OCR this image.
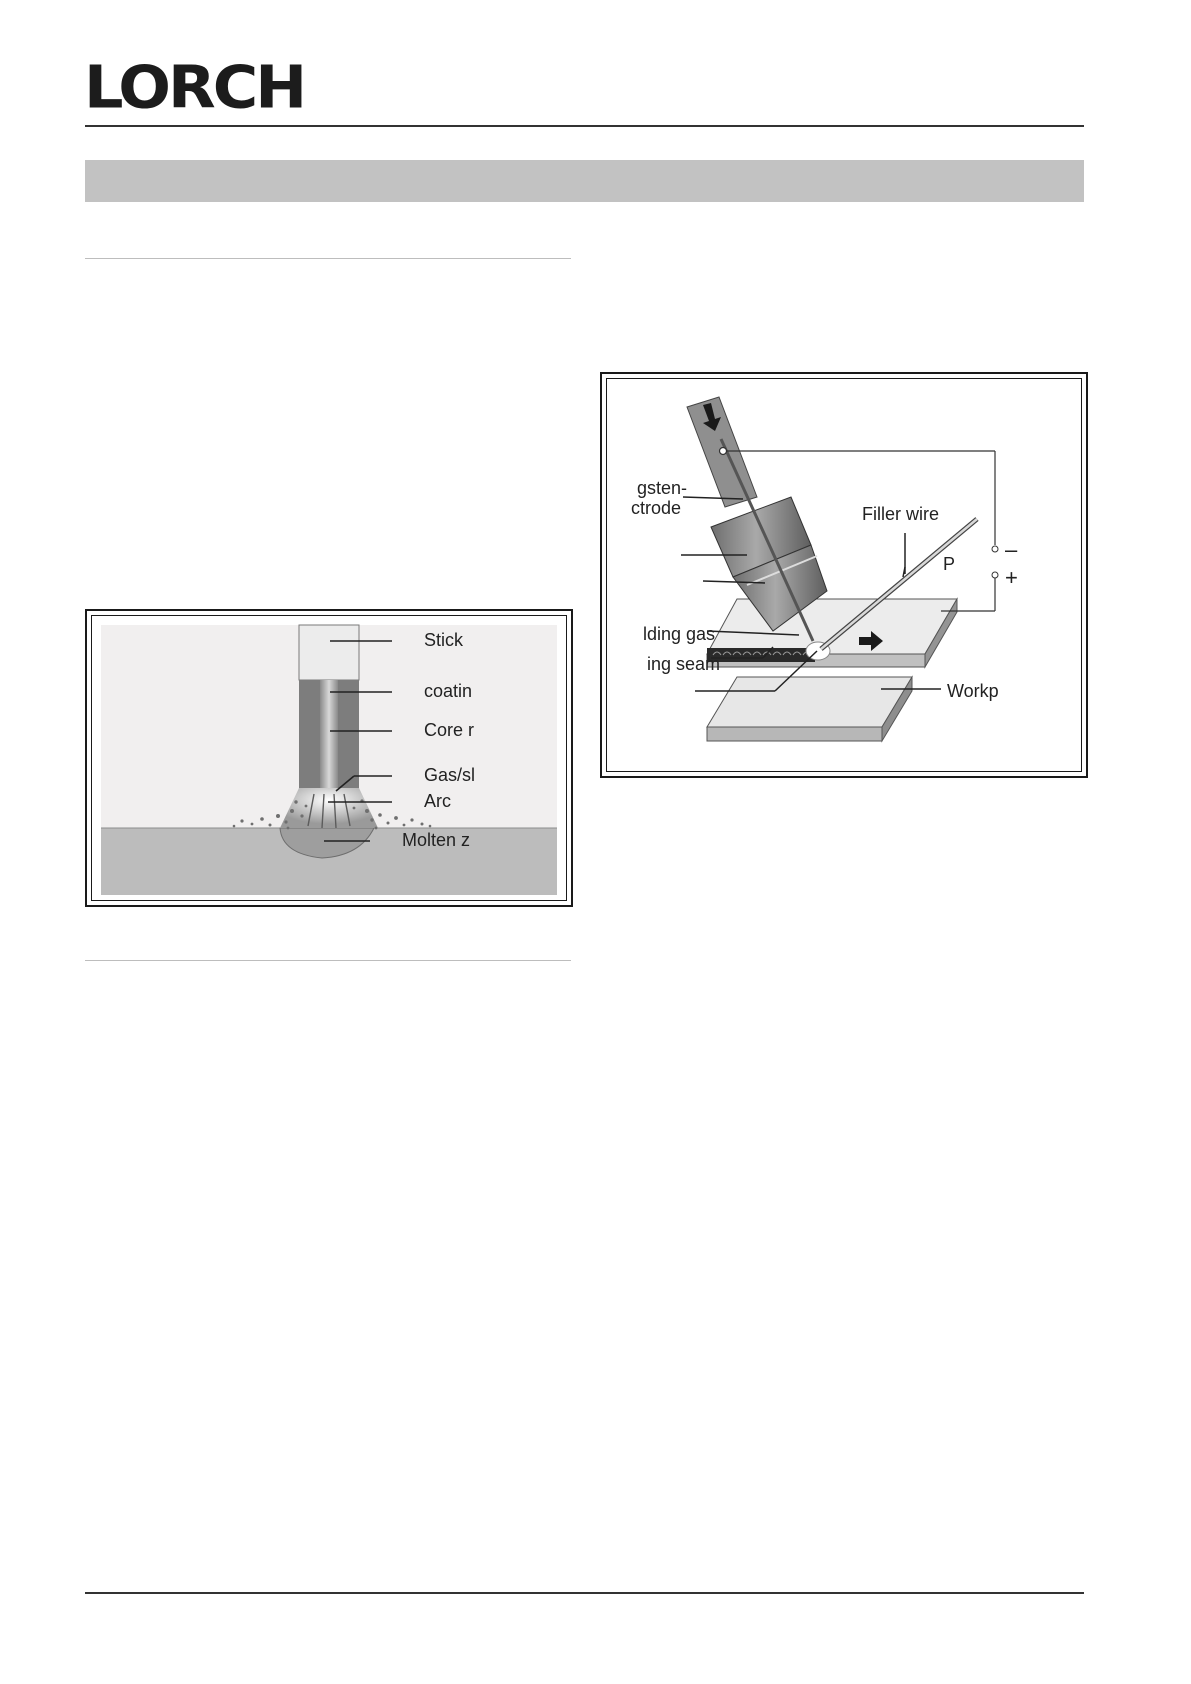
LORCH
Stick
coatin
Core r
Gas/sl
Arc
Molten z
gsten-
ctrode	Filler wire
P
–
+
lding gas
ing seam
Workp
